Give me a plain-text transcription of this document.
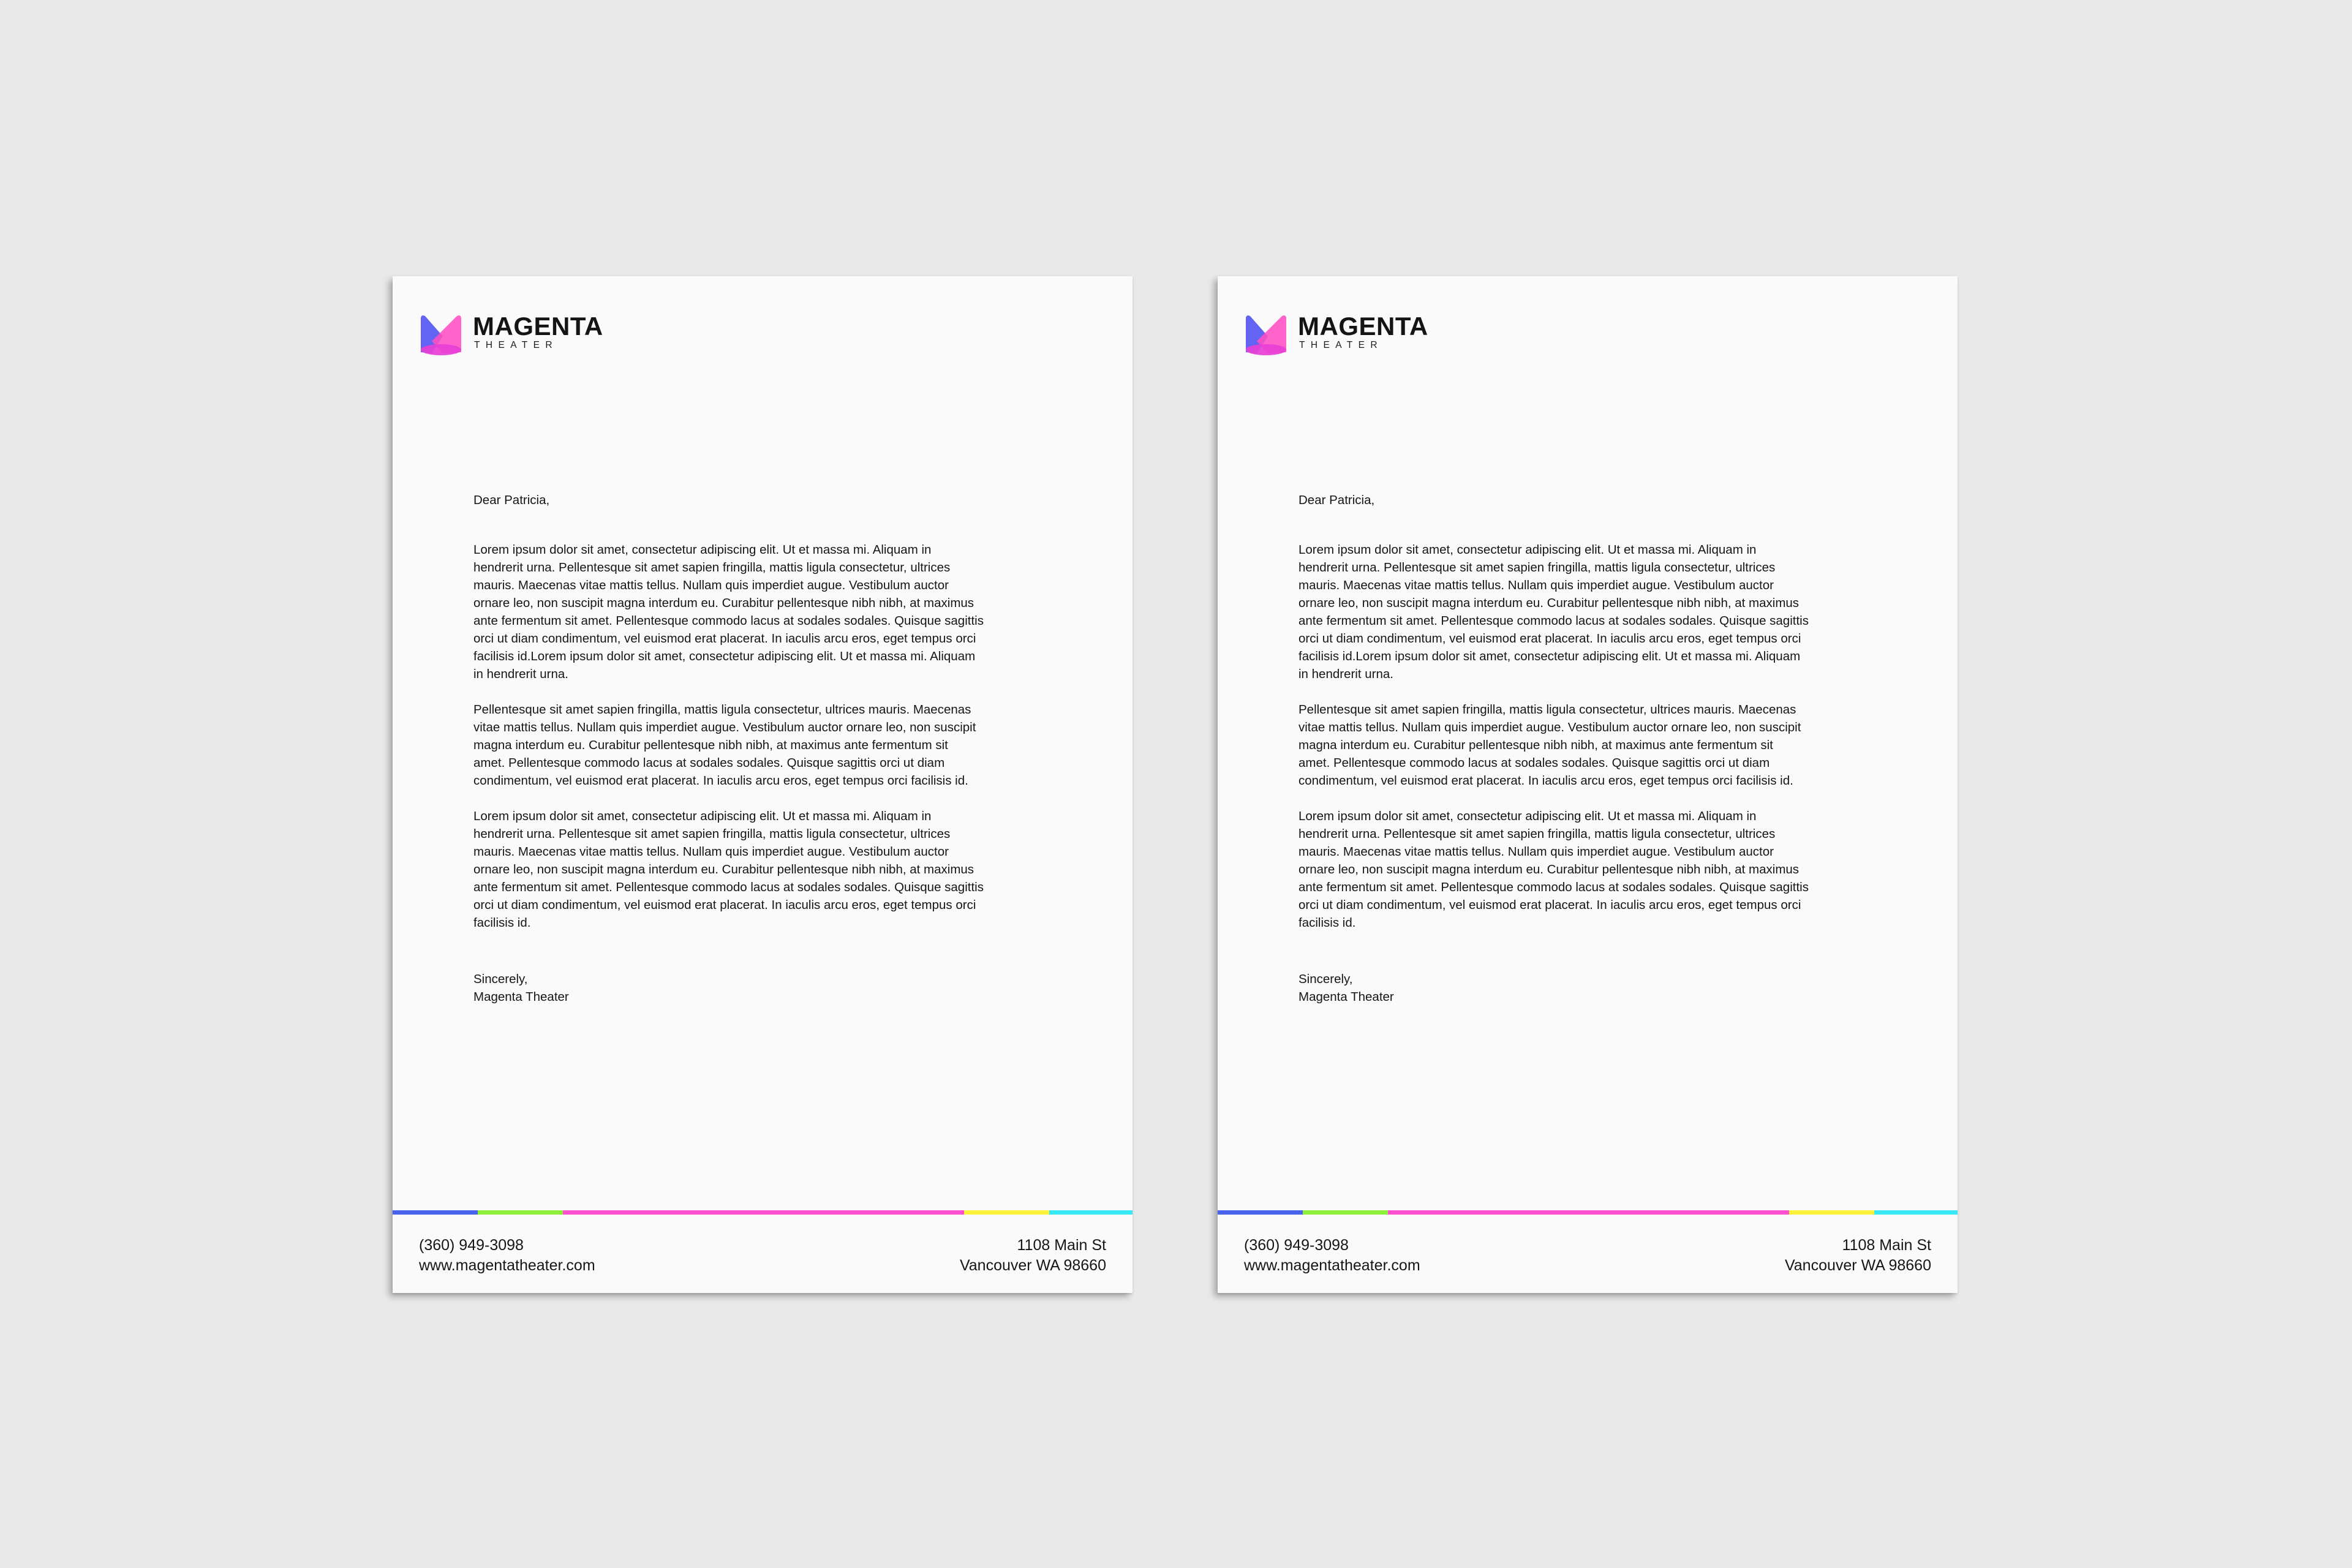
MAGENTA
THEATER
Dear Patricia,
Lorem ipsum dolor sit amet, consectetur adipiscing elit. Ut et massa mi. Aliquam in
hendrerit urna. Pellentesque sit amet sapien fringilla, mattis ligula consectetur, ultrices
mauris. Maecenas vitae mattis tellus. Nullam quis imperdiet augue. Vestibulum auctor
ornare leo, non suscipit magna interdum eu. Curabitur pellentesque nibh nibh, at maximus
ante fermentum sit amet. Pellentesque commodo lacus at sodales sodales. Quisque sagittis
orci ut diam condimentum, vel euismod erat placerat. In iaculis arcu eros, eget tempus orci
facilisis id.Lorem ipsum dolor sit amet, consectetur adipiscing elit. Ut et massa mi. Aliquam
in hendrerit urna.
Pellentesque sit amet sapien fringilla, mattis ligula consectetur, ultrices mauris. Maecenas
vitae mattis tellus. Nullam quis imperdiet augue. Vestibulum auctor ornare leo, non suscipit
magna interdum eu. Curabitur pellentesque nibh nibh, at maximus ante fermentum sit
amet. Pellentesque commodo lacus at sodales sodales. Quisque sagittis orci ut diam
condimentum, vel euismod erat placerat. In iaculis arcu eros, eget tempus orci facilisis id.
Lorem ipsum dolor sit amet, consectetur adipiscing elit. Ut et massa mi. Aliquam in
hendrerit urna. Pellentesque sit amet sapien fringilla, mattis ligula consectetur, ultrices
mauris. Maecenas vitae mattis tellus. Nullam quis imperdiet augue. Vestibulum auctor
ornare leo, non suscipit magna interdum eu. Curabitur pellentesque nibh nibh, at maximus
ante fermentum sit amet. Pellentesque commodo lacus at sodales sodales. Quisque sagittis
orci ut diam condimentum, vel euismod erat placerat. In iaculis arcu eros, eget tempus orci
facilisis id.
Sincerely,
Magenta Theater
(360) 949-3098
www.magentatheater.com
1108 Main St
Vancouver WA 98660
MAGENTA
THEATER
Dear Patricia,
Lorem ipsum dolor sit amet, consectetur adipiscing elit. Ut et massa mi. Aliquam in
hendrerit urna. Pellentesque sit amet sapien fringilla, mattis ligula consectetur, ultrices
mauris. Maecenas vitae mattis tellus. Nullam quis imperdiet augue. Vestibulum auctor
ornare leo, non suscipit magna interdum eu. Curabitur pellentesque nibh nibh, at maximus
ante fermentum sit amet. Pellentesque commodo lacus at sodales sodales. Quisque sagittis
orci ut diam condimentum, vel euismod erat placerat. In iaculis arcu eros, eget tempus orci
facilisis id.Lorem ipsum dolor sit amet, consectetur adipiscing elit. Ut et massa mi. Aliquam
in hendrerit urna.
Pellentesque sit amet sapien fringilla, mattis ligula consectetur, ultrices mauris. Maecenas
vitae mattis tellus. Nullam quis imperdiet augue. Vestibulum auctor ornare leo, non suscipit
magna interdum eu. Curabitur pellentesque nibh nibh, at maximus ante fermentum sit
amet. Pellentesque commodo lacus at sodales sodales. Quisque sagittis orci ut diam
condimentum, vel euismod erat placerat. In iaculis arcu eros, eget tempus orci facilisis id.
Lorem ipsum dolor sit amet, consectetur adipiscing elit. Ut et massa mi. Aliquam in
hendrerit urna. Pellentesque sit amet sapien fringilla, mattis ligula consectetur, ultrices
mauris. Maecenas vitae mattis tellus. Nullam quis imperdiet augue. Vestibulum auctor
ornare leo, non suscipit magna interdum eu. Curabitur pellentesque nibh nibh, at maximus
ante fermentum sit amet. Pellentesque commodo lacus at sodales sodales. Quisque sagittis
orci ut diam condimentum, vel euismod erat placerat. In iaculis arcu eros, eget tempus orci
facilisis id.
Sincerely,
Magenta Theater
(360) 949-3098
www.magentatheater.com
1108 Main St
Vancouver WA 98660
